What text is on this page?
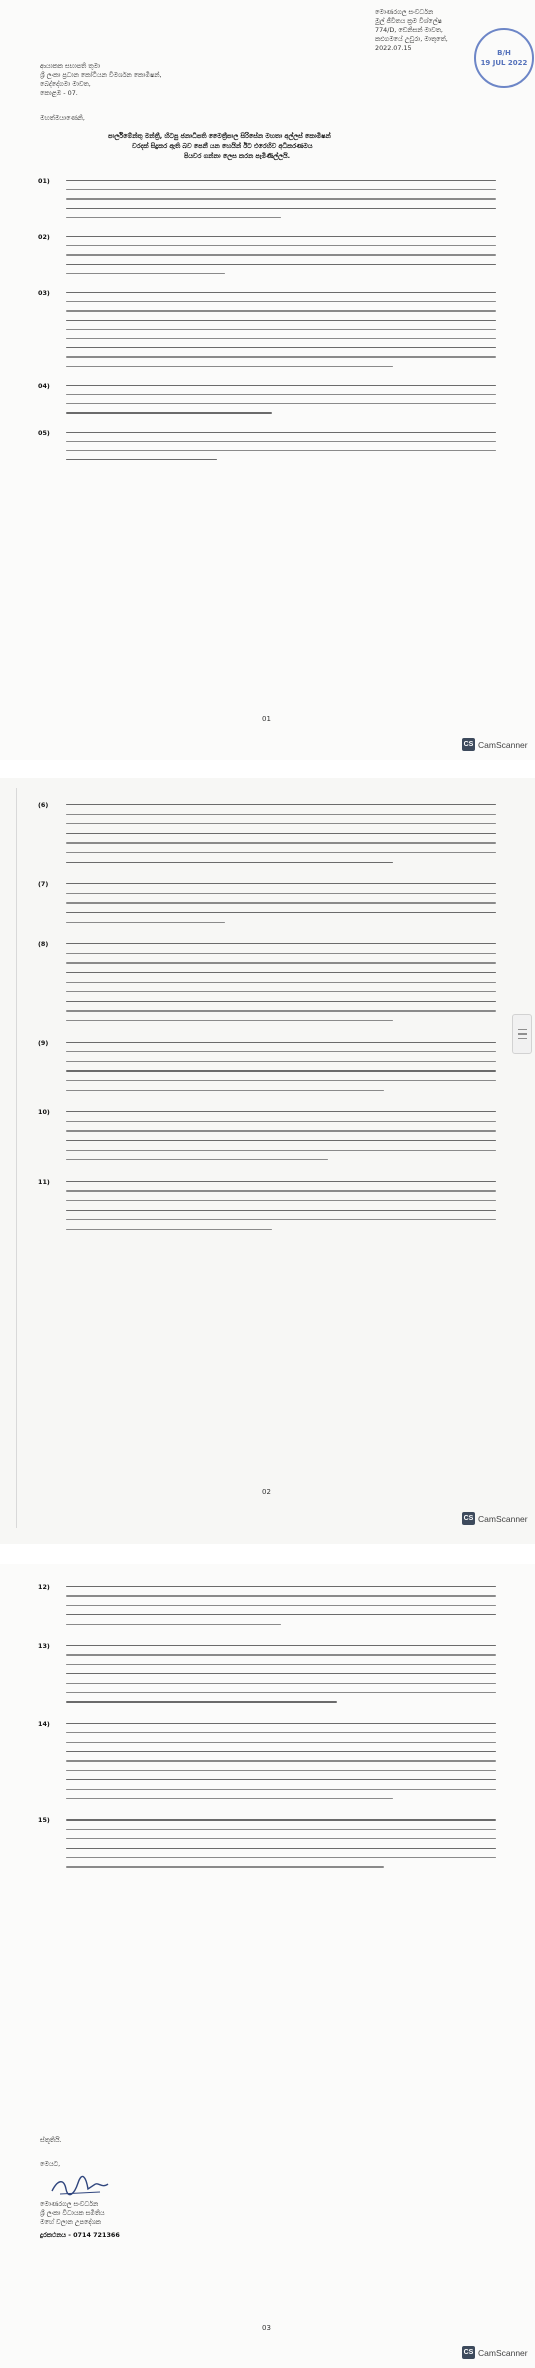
මොණරගල සංවර්ධන
මුල් ජීවිතය ක්‍රම විශ්ලේෂ
774/D, ඩෙනිසන් මාවත,
කළුගමයේ උඩුරා, මාතුතේ,
2022.07.15
B/H
19 JUL 2022
ආයාකක සභාපති තුමා
ශ්‍රී ලංකා ප්‍රධාන කෝටියන විමර්ශන කොමිෂන්,
බෙද්දේගමා මාවත,
කොළඹ - 07.
මහත්මයාණෙනි,
පාර්ලිමේන්තු මන්ත්‍රී, හිටපු ජනාධිපති මෛත්‍රීපාල සිරිසේන මහතා අල්ලස් කොමිෂන්
වරදක් සිදුකර ඇති බව පෙනී යන හෙයින් ඊට එරෙහිව අධිකරණමය
පියවර ගන්නා ලෙස කරන පැමිණිල්ලයි.
01)
02)
03)
04)
05)
01
CS CamScanner
(6)
(7)
(8)
(9)
10)
11)
02
CS CamScanner
12)
13)
14)
15)
ස්තූතියි.
මෙයට,
මොණරගල සංවර්ධන
ශ්‍රී ලංකා විධායක සමිතිය
මහේ වලාන උපදේශක
දුරකථනය - 0714 721366
03
CS CamScanner
